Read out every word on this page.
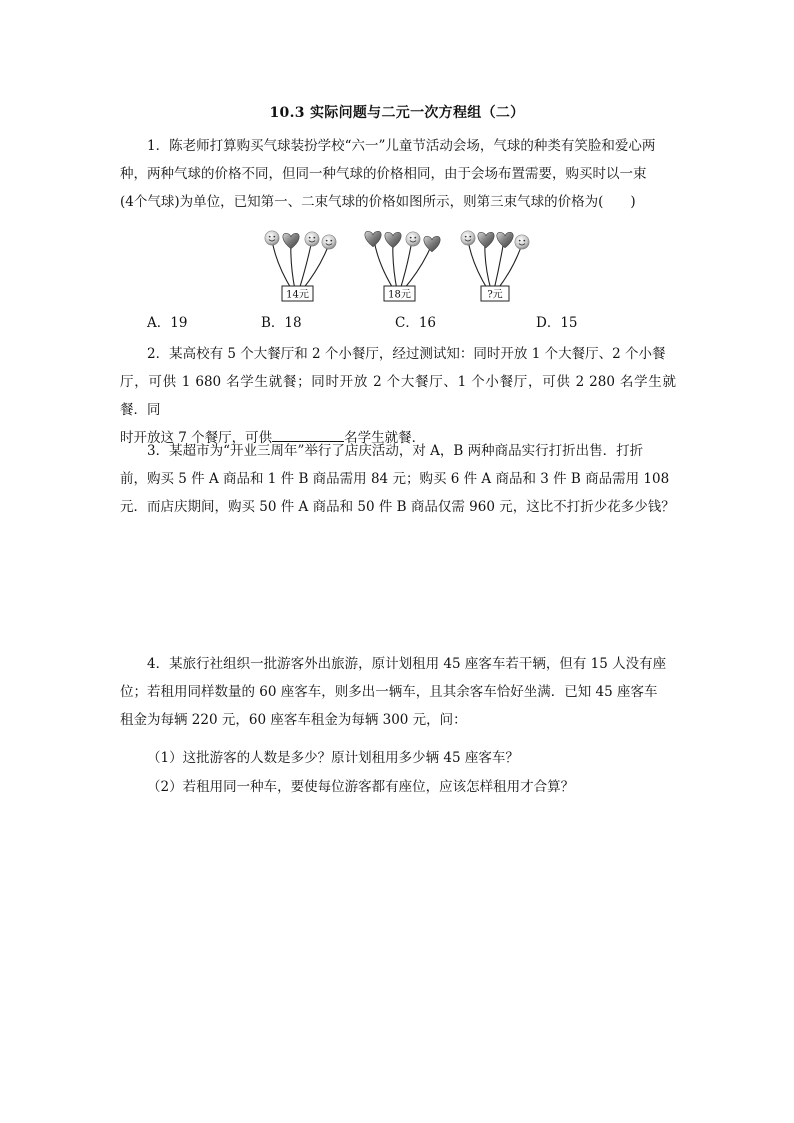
10.3 实际问题与二元一次方程组（二）
1．陈老师打算购买气球装扮学校“六一”儿童节活动会场，气球的种类有笑脸和爱心两
种，两种气球的价格不同，但同一种气球的价格相同，由于会场布置需要，购买时以一束
(4个气球)为单位，已知第一、二束气球的价格如图所示，则第三束气球的价格为(　　)
14元	18元	?元
A．19	B．18	C．16	D．15
2．某高校有 5 个大餐厅和 2 个小餐厅，经过测试知：同时开放 1 个大餐厅、2 个小餐
厅，可供 1 680 名学生就餐；同时开放 2 个大餐厅、1 个小餐厅，可供 2 280 名学生就餐．同
时开放这 7 个餐厅，可供	名学生就餐．
3．某超市为“开业三周年”举行了店庆活动，对 A，B 两种商品实行打折出售．打折
前，购买 5 件 A 商品和 1 件 B 商品需用 84 元；购买 6 件 A 商品和 3 件 B 商品需用 108
元．而店庆期间，购买 50 件 A 商品和 50 件 B 商品仅需 960 元，这比不打折少花多少钱？
4．某旅行社组织一批游客外出旅游，原计划租用 45 座客车若干辆，但有 15 人没有座
位；若租用同样数量的 60 座客车，则多出一辆车，且其余客车恰好坐满．已知 45 座客车
租金为每辆 220 元，60 座客车租金为每辆 300 元，问：
（1）这批游客的人数是多少？原计划租用多少辆 45 座客车？
（2）若租用同一种车，要使每位游客都有座位，应该怎样租用才合算？
